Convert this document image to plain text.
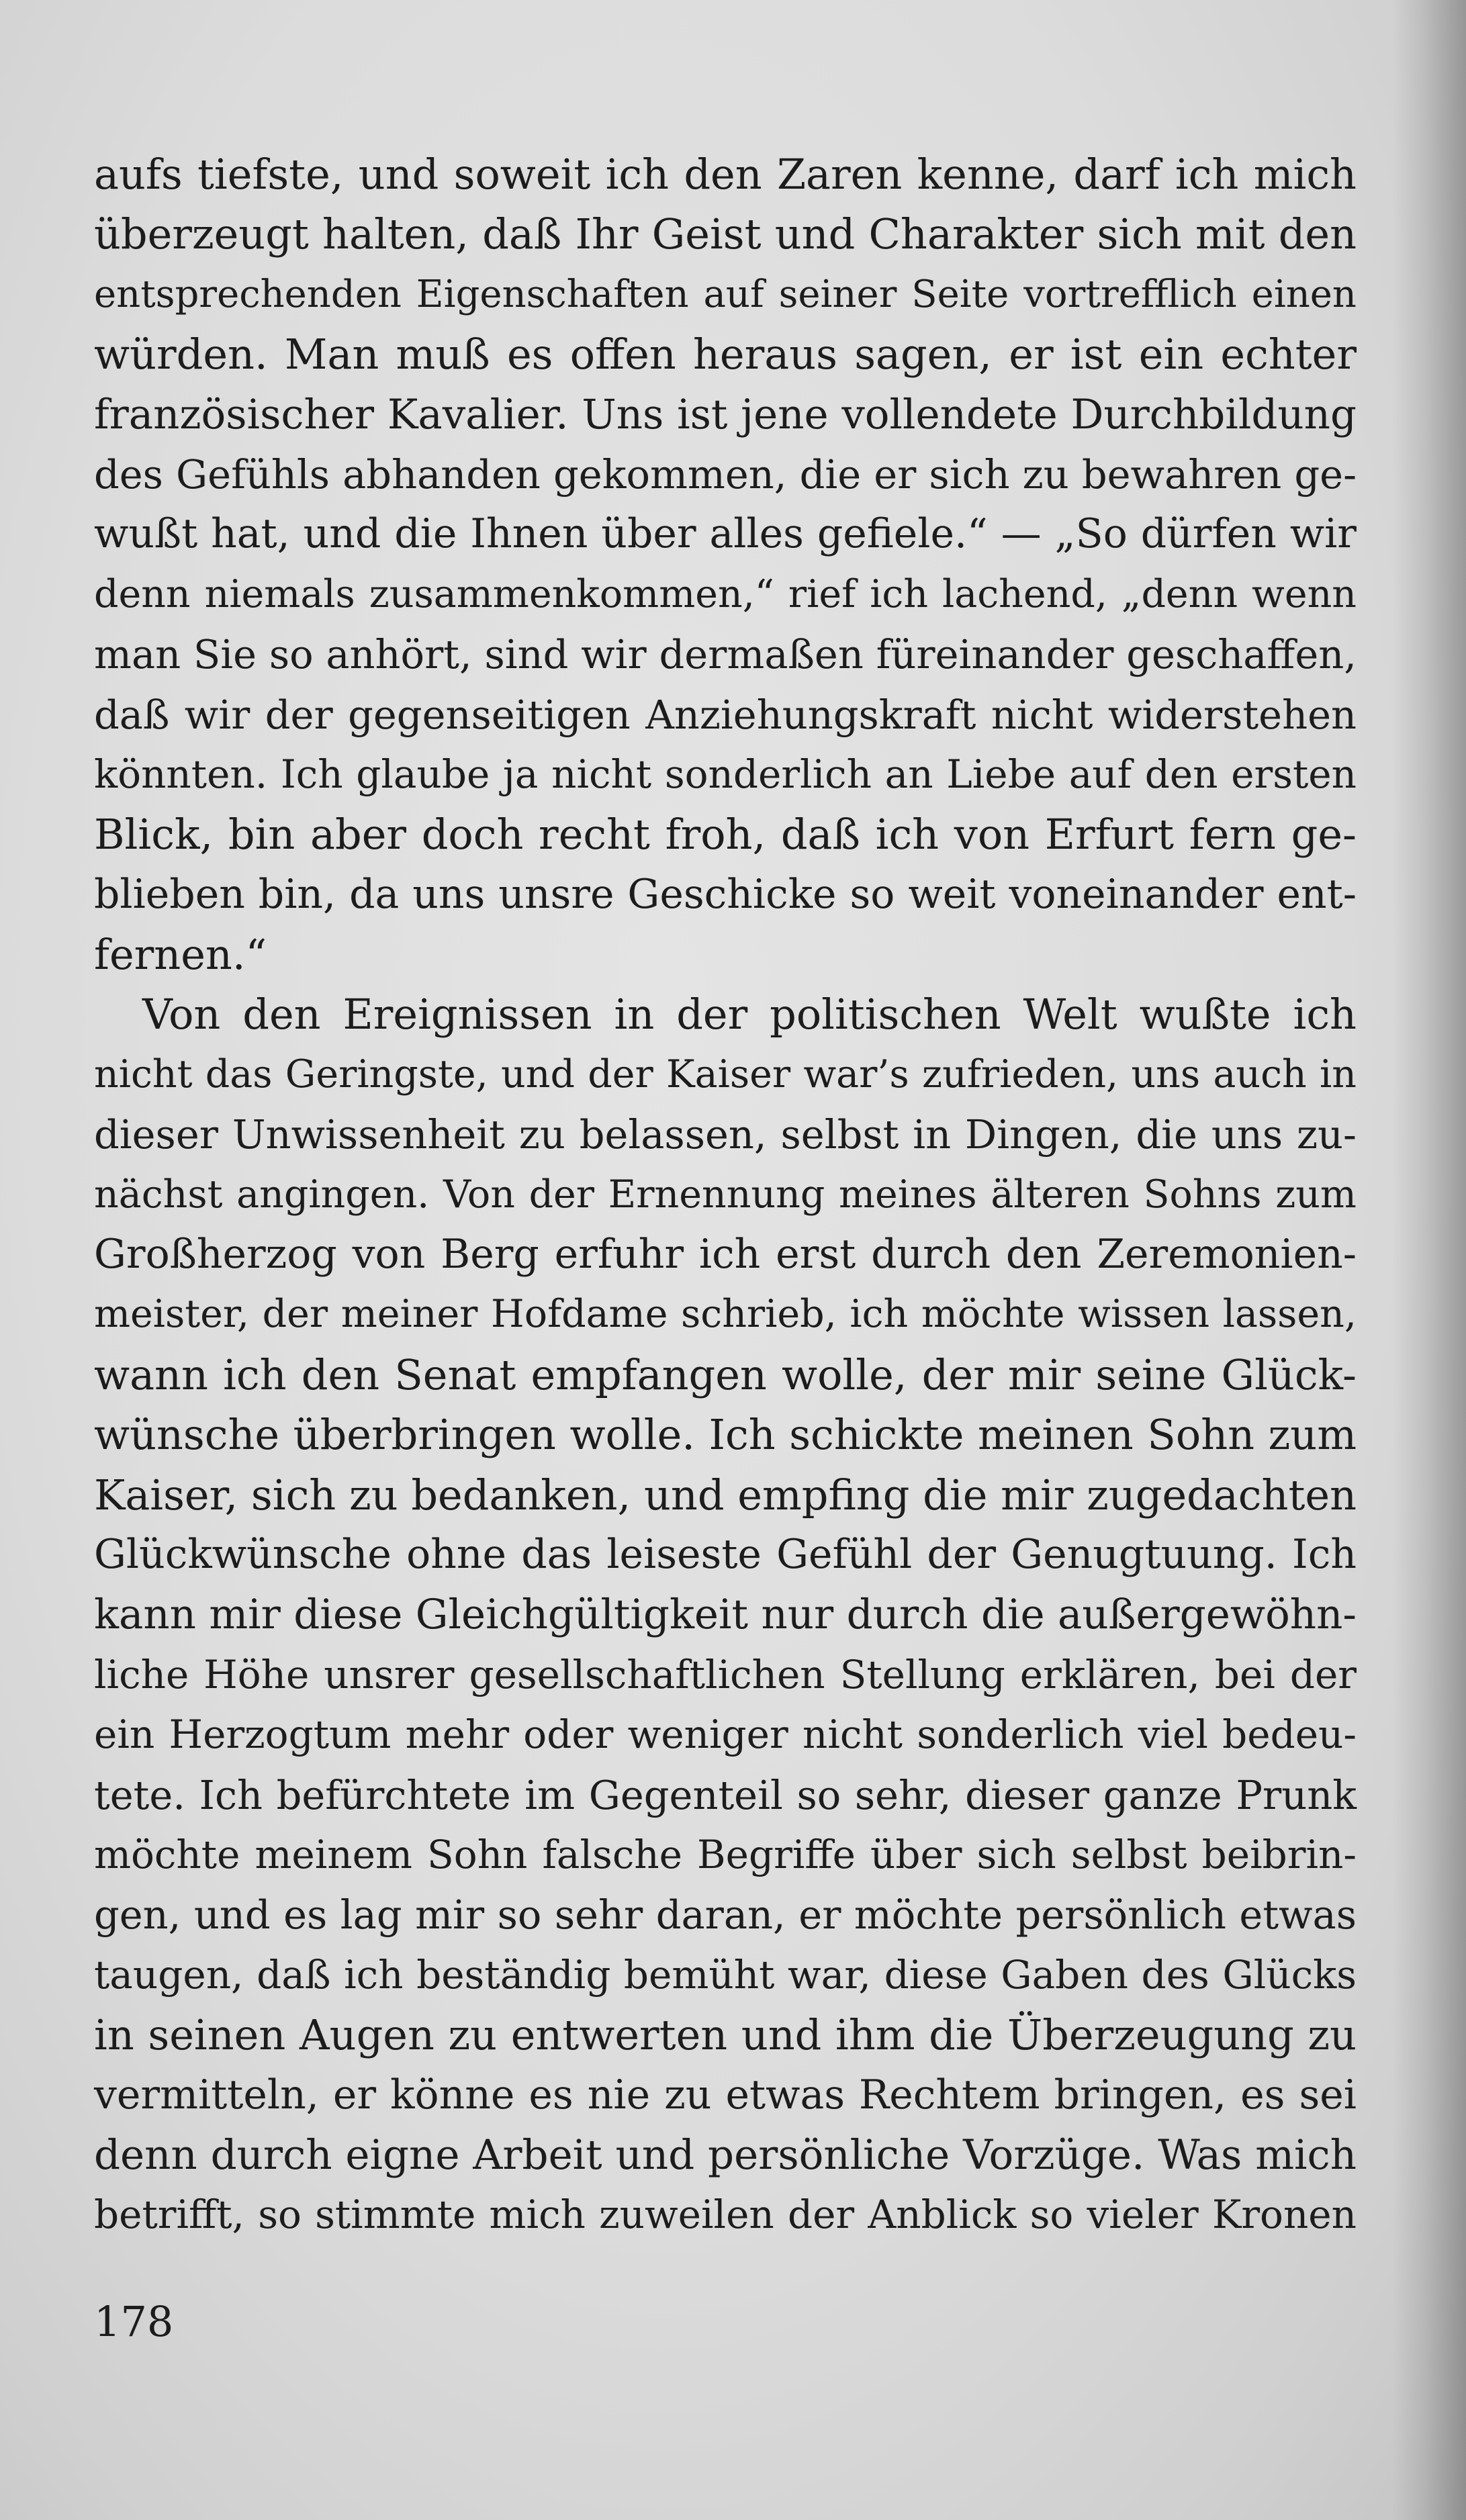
aufs tiefste, und soweit ich den Zaren kenne, darf ich mich
überzeugt halten, daß Ihr Geist und Charakter sich mit den
entsprechenden Eigenschaften auf seiner Seite vortrefflich einen
würden. Man muß es offen heraus sagen, er ist ein echter
französischer Kavalier. Uns ist jene vollendete Durchbildung
des Gefühls abhanden gekommen, die er sich zu bewahren ge-
wußt hat, und die Ihnen über alles gefiele.“ — „So dürfen wir
denn niemals zusammenkommen,“ rief ich lachend, „denn wenn
man Sie so anhört, sind wir dermaßen füreinander geschaffen,
daß wir der gegenseitigen Anziehungskraft nicht widerstehen
könnten. Ich glaube ja nicht sonderlich an Liebe auf den ersten
Blick, bin aber doch recht froh, daß ich von Erfurt fern ge-
blieben bin, da uns unsre Geschicke so weit voneinander ent-
fernen.“
Von den Ereignissen in der politischen Welt wußte ich
nicht das Geringste, und der Kaiser war’s zufrieden, uns auch in
dieser Unwissenheit zu belassen, selbst in Dingen, die uns zu-
nächst angingen. Von der Ernennung meines älteren Sohns zum
Großherzog von Berg erfuhr ich erst durch den Zeremonien-
meister, der meiner Hofdame schrieb, ich möchte wissen lassen,
wann ich den Senat empfangen wolle, der mir seine Glück-
wünsche überbringen wolle. Ich schickte meinen Sohn zum
Kaiser, sich zu bedanken, und empfing die mir zugedachten
Glückwünsche ohne das leiseste Gefühl der Genugtuung. Ich
kann mir diese Gleichgültigkeit nur durch die außergewöhn-
liche Höhe unsrer gesellschaftlichen Stellung erklären, bei der
ein Herzogtum mehr oder weniger nicht sonderlich viel bedeu-
tete. Ich befürchtete im Gegenteil so sehr, dieser ganze Prunk
möchte meinem Sohn falsche Begriffe über sich selbst beibrin-
gen, und es lag mir so sehr daran, er möchte persönlich etwas
taugen, daß ich beständig bemüht war, diese Gaben des Glücks
in seinen Augen zu entwerten und ihm die Überzeugung zu
vermitteln, er könne es nie zu etwas Rechtem bringen, es sei
denn durch eigne Arbeit und persönliche Vorzüge. Was mich
betrifft, so stimmte mich zuweilen der Anblick so vieler Kronen
178
